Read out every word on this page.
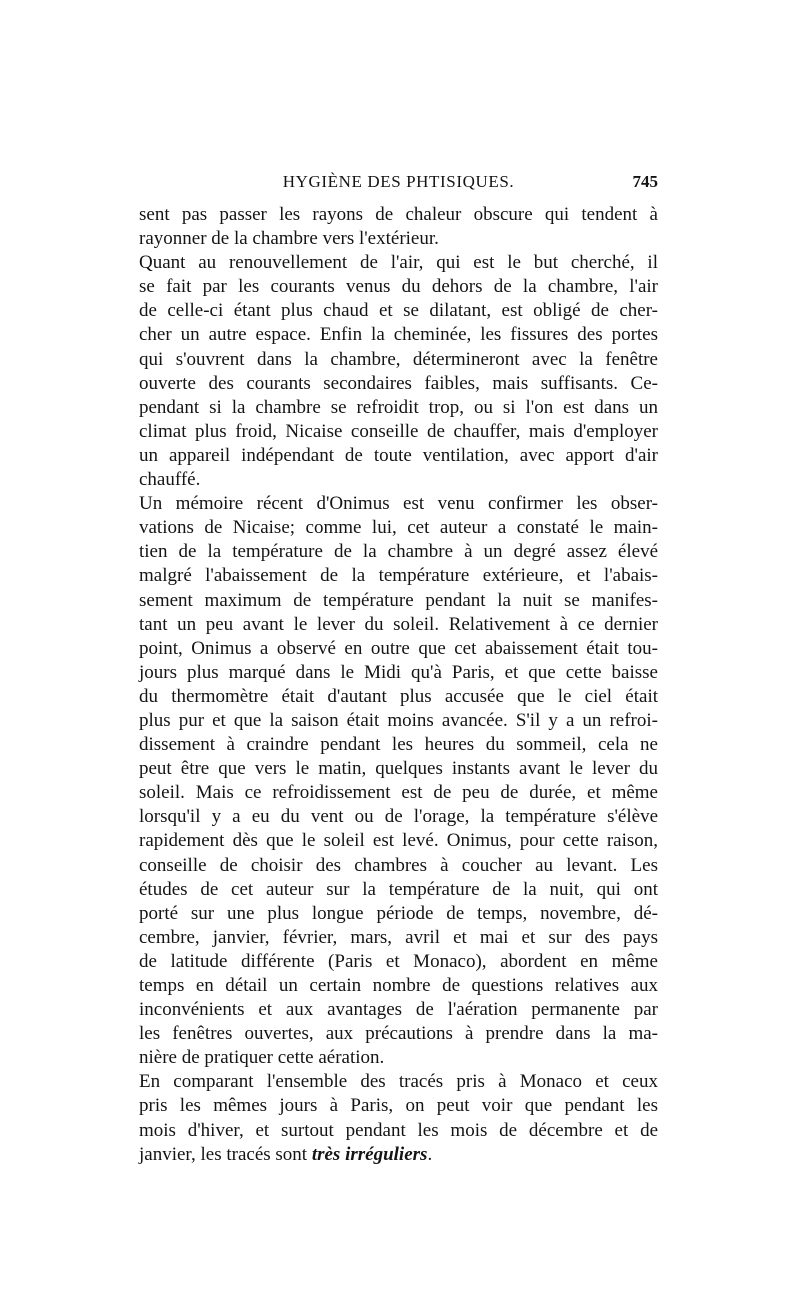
HYGIÈNE DES PHTISIQUES.	745
sent pas passer les rayons de chaleur obscure qui tendent à
rayonner de la chambre vers l'extérieur.
Quant au renouvellement de l'air, qui est le but cherché, il
se fait par les courants venus du dehors de la chambre, l'air
de celle-ci étant plus chaud et se dilatant, est obligé de cher-
cher un autre espace. Enfin la cheminée, les fissures des portes
qui s'ouvrent dans la chambre, détermineront avec la fenêtre
ouverte des courants secondaires faibles, mais suffisants. Ce-
pendant si la chambre se refroidit trop, ou si l'on est dans un
climat plus froid, Nicaise conseille de chauffer, mais d'employer
un appareil indépendant de toute ventilation, avec apport d'air
chauffé.
Un mémoire récent d'Onimus est venu confirmer les obser-
vations de Nicaise; comme lui, cet auteur a constaté le main-
tien de la température de la chambre à un degré assez élevé
malgré l'abaissement de la température extérieure, et l'abais-
sement maximum de température pendant la nuit se manifes-
tant un peu avant le lever du soleil. Relativement à ce dernier
point, Onimus a observé en outre que cet abaissement était tou-
jours plus marqué dans le Midi qu'à Paris, et que cette baisse
du thermomètre était d'autant plus accusée que le ciel était
plus pur et que la saison était moins avancée. S'il y a un refroi-
dissement à craindre pendant les heures du sommeil, cela ne
peut être que vers le matin, quelques instants avant le lever du
soleil. Mais ce refroidissement est de peu de durée, et même
lorsqu'il y a eu du vent ou de l'orage, la température s'élève
rapidement dès que le soleil est levé. Onimus, pour cette raison,
conseille de choisir des chambres à coucher au levant. Les
études de cet auteur sur la température de la nuit, qui ont
porté sur une plus longue période de temps, novembre, dé-
cembre, janvier, février, mars, avril et mai et sur des pays
de latitude différente (Paris et Monaco), abordent en même
temps en détail un certain nombre de questions relatives aux
inconvénients et aux avantages de l'aération permanente par
les fenêtres ouvertes, aux précautions à prendre dans la ma-
nière de pratiquer cette aération.
En comparant l'ensemble des tracés pris à Monaco et ceux
pris les mêmes jours à Paris, on peut voir que pendant les
mois d'hiver, et surtout pendant les mois de décembre et de
janvier, les tracés sont très irréguliers.
